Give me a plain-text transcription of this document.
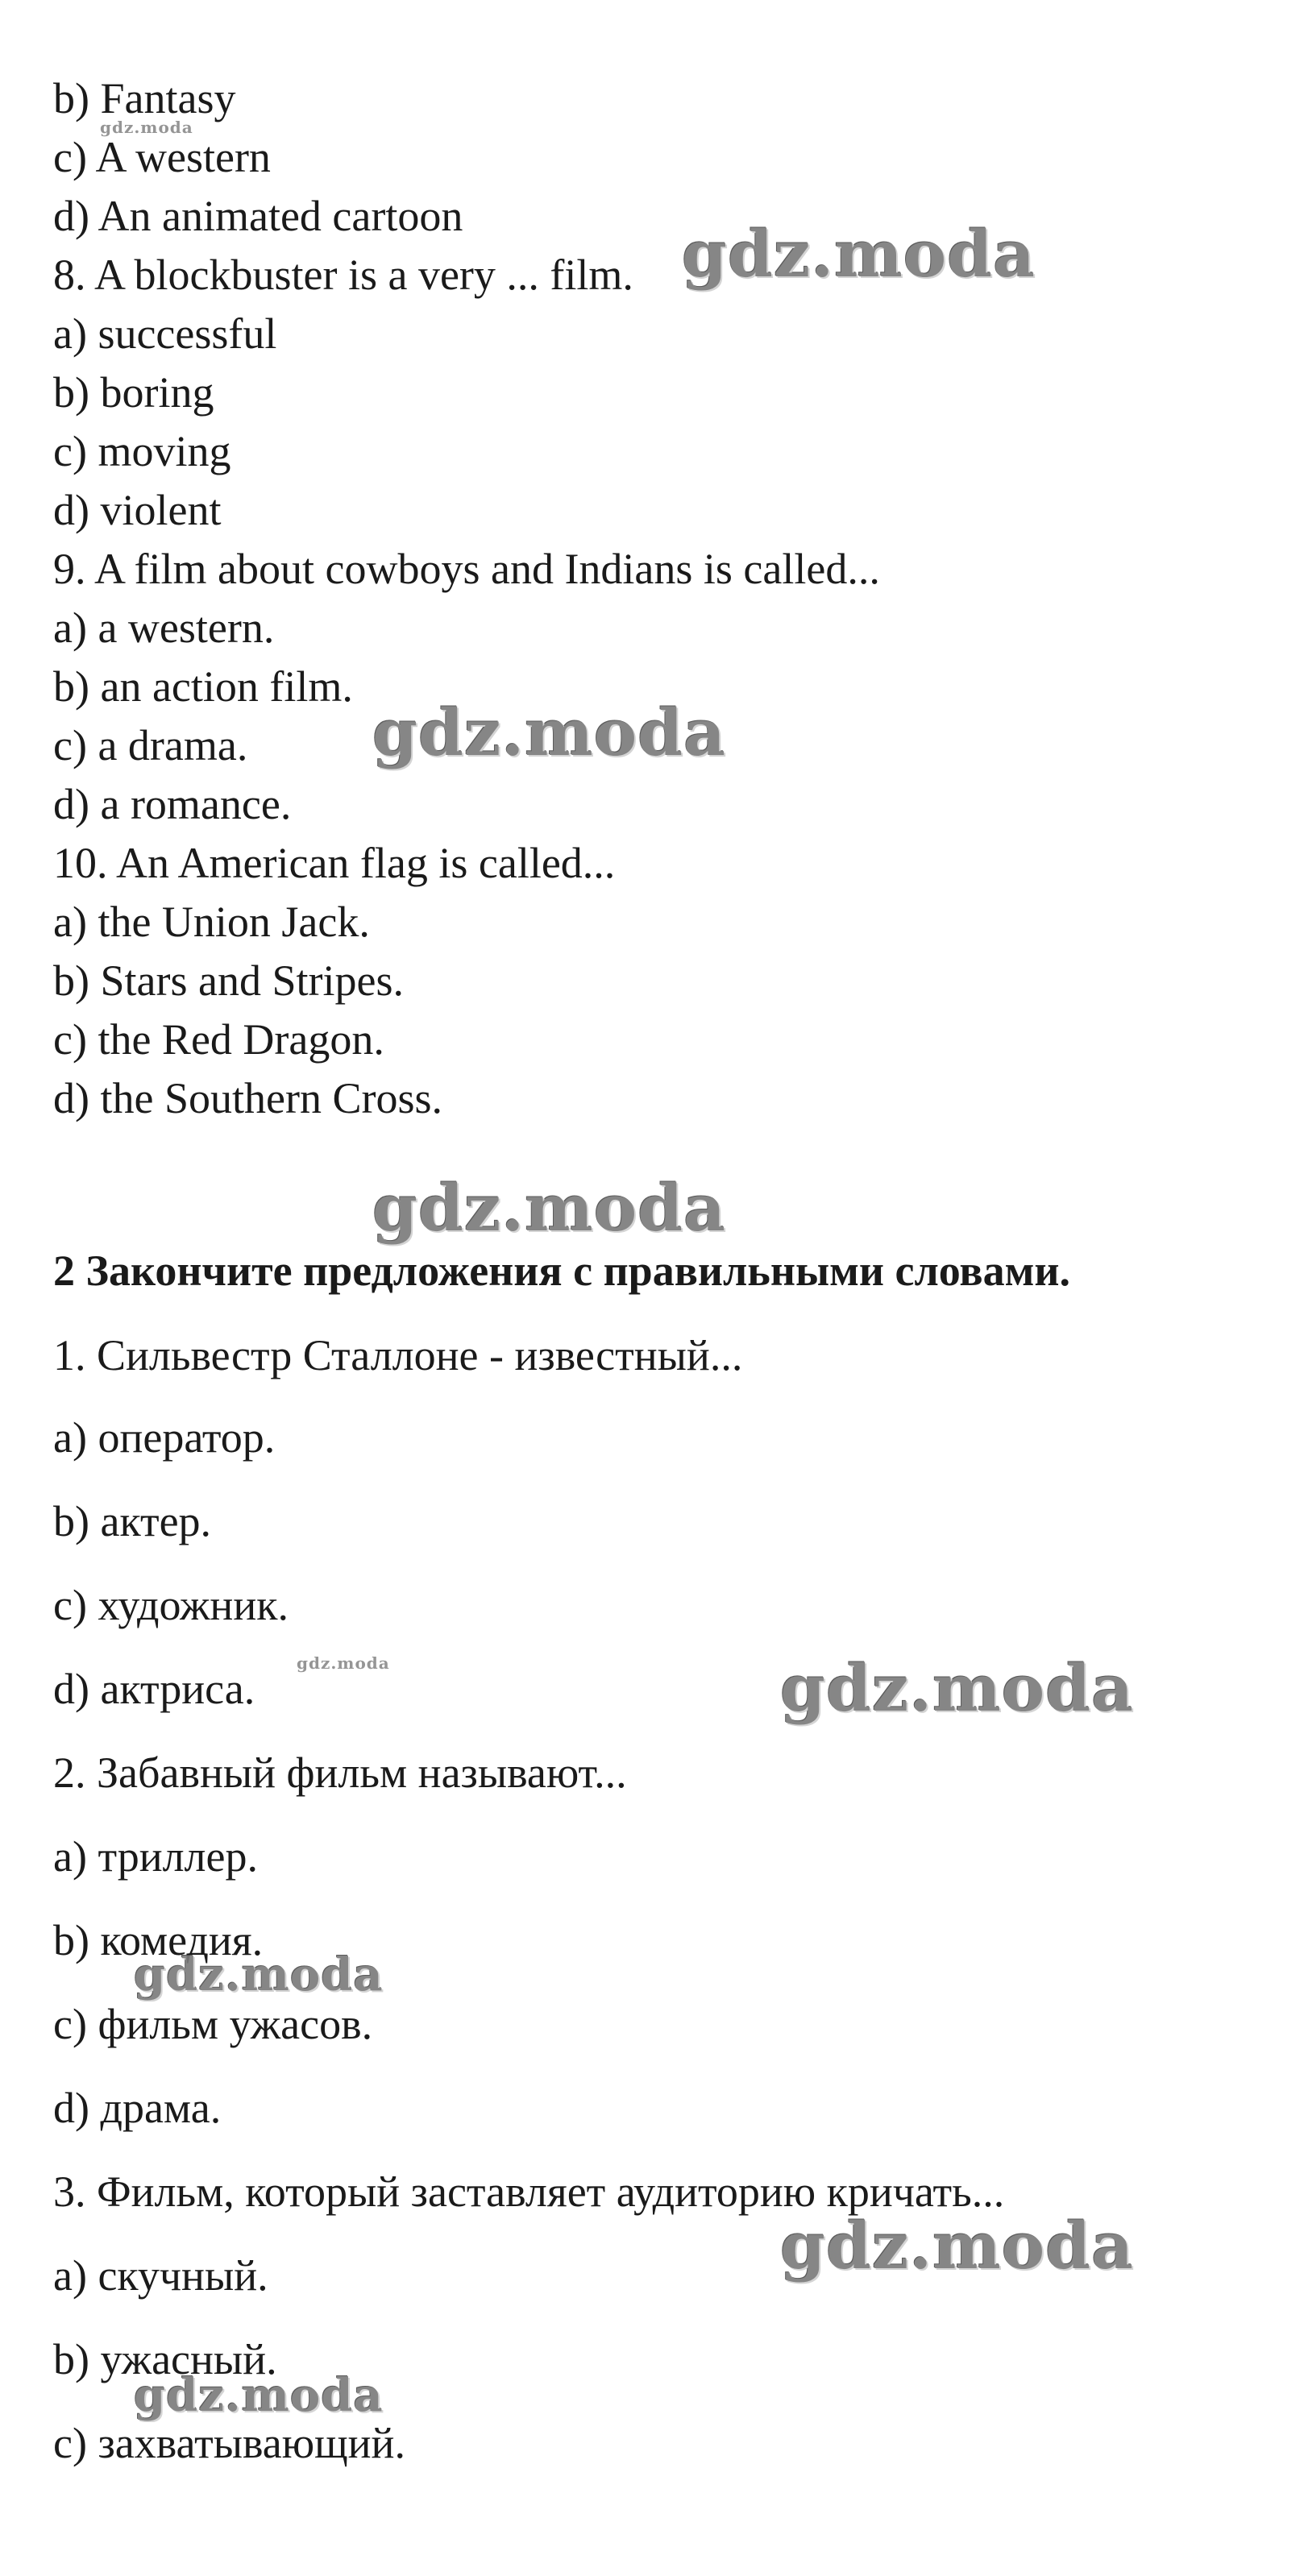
b) Fantasy
c) A western
d) An animated cartoon
8. A blockbuster is a very ... film.
a) successful
b) boring
c) moving
d) violent
9. A film about cowboys and Indians is called...
a) a western.
b) an action film.
c) a drama.
d) a romance.
10. An American flag is called...
a) the Union Jack.
b) Stars and Stripes.
c) the Red Dragon.
d) the Southern Cross.
2 Закончите предложения с правильными словами.
1. Сильвестр Сталлоне - известный...
a) оператор.
b) актер.
c) художник.
d) актриса.
2. Забавный фильм называют...
a) триллер.
b) комедия.
c) фильм ужасов.
d) драма.
3. Фильм, который заставляет аудиторию кричать...
a) скучный.
b) ужасный.
c) захватывающий.
gdz.moda
gdz.moda
gdz.moda
gdz.moda
gdz.moda	gdz.moda
gdz.moda
gdz.moda
gdz.moda
